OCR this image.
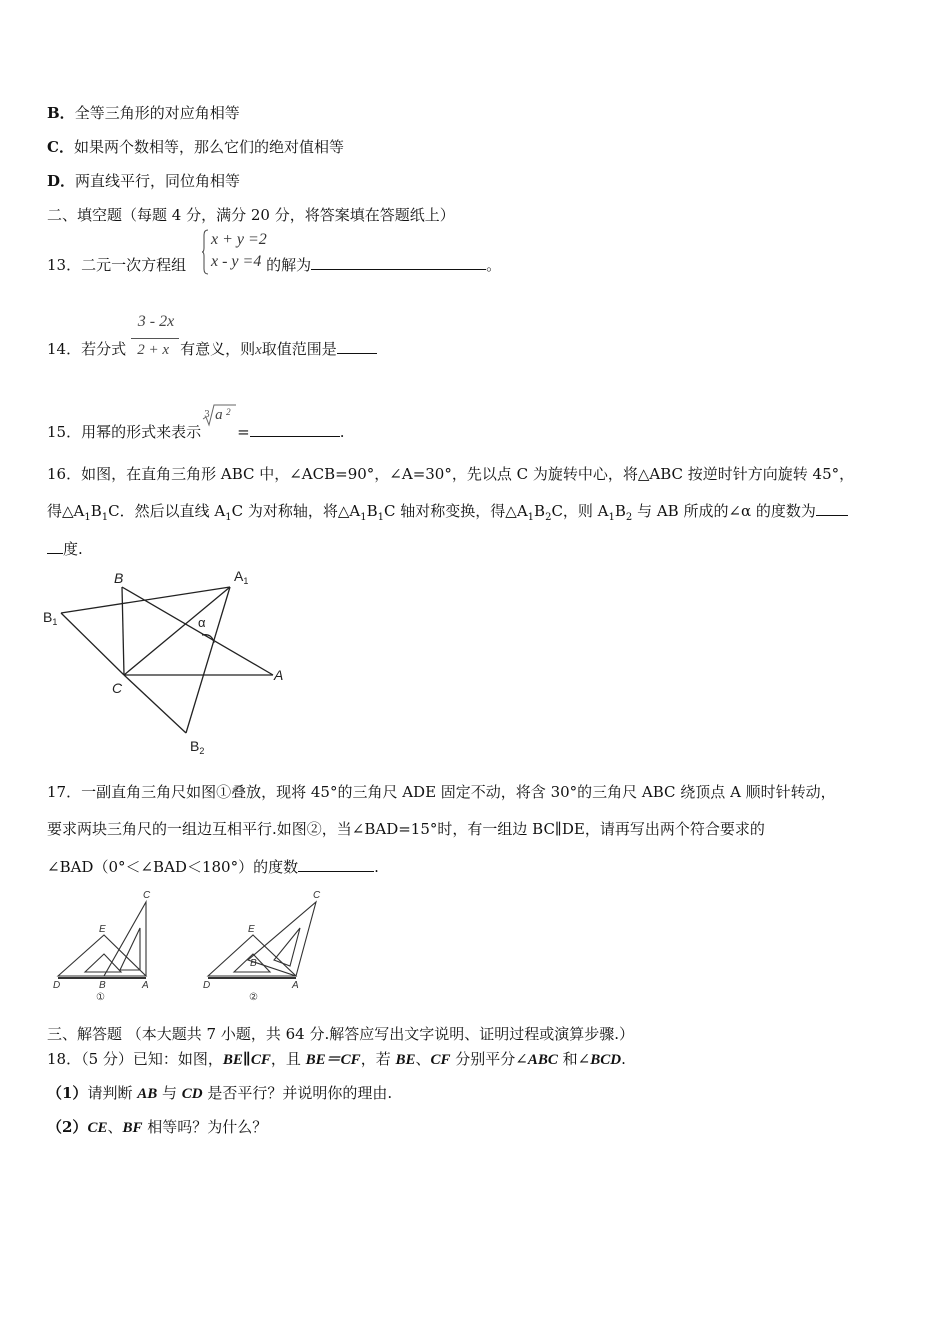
B．全等三角形的对应角相等
C．如果两个数相等，那么它们的绝对值相等
D．两直线平行，同位角相等
二、填空题（每题 4 分，满分 20 分，将答案填在答题纸上）
13．二元一次方程组	的解为	。
x + y =2
x - y =4
3 - 2x
14．若分式 2 + x 有意义，则x取值范围是
15．用幂的形式来表示
3 a 2
=	.
16．如图，在直角三角形 ABC 中，∠ACB=90°，∠A=30°，先以点 C 为旋转中心，将△ABC 按逆时针方向旋转 45°，
得$\triangle A_1B_1C$．然后以直线 $A_1C$ 为对称轴，将$\triangle A_1B_1C$ 轴对称变换，得$\triangle A_1B_2C$，则 $A_1B_2$ 与 AB 所成的∠α 的度数为
度.
B	$A_1$
$B_1$	α
C
A
$B_2$
17．一副直角三角尺如图①叠放，现将 45°的三角尺 ADE 固定不动，将含 30°的三角尺 ABC 绕顶点 A 顺时针转动，
要求两块三角尺的一组边互相平行.如图②，当∠BAD=15°时，有一组边 BC∥DE，请再写出两个符合要求的
∠BAD（0°＜∠BAD＜180°）的度数	.
C
E
D	B	A
①
C
E
D
B
A
②
三、解答题 （本大题共 7 小题，共 64 分.解答应写出文字说明、证明过程或演算步骤.）
18．（5 分）已知：如图，BE∥CF，且 BE＝CF，若 BE、CF 分别平分∠ABC 和∠BCD.
（1）请判断 AB 与 CD 是否平行？并说明你的理由.
（2）CE、BF 相等吗？为什么？
